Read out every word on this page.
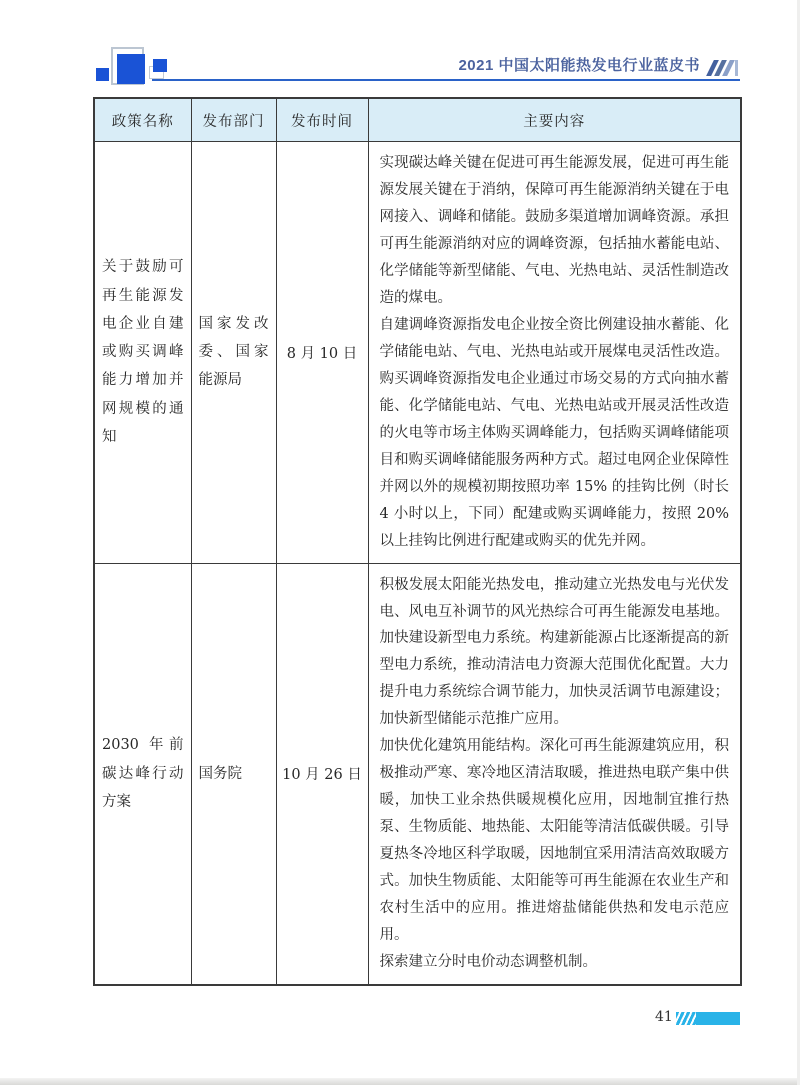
2021 中国太阳能热发电行业蓝皮书
政策名称	发布部门	发布时间	主要内容
关于鼓励可再生能源发电企业自建或购买调峰能力增加并网规模的通知	国家发改委、国家能源局	8 月 10 日	实现碳达峰关键在促进可再生能源发展，促进可再生能源发展关键在于消纳，保障可再生能源消纳关键在于电网接入、调峰和储能。鼓励多渠道增加调峰资源。承担可再生能源消纳对应的调峰资源，包括抽水蓄能电站、化学储能等新型储能、气电、光热电站、灵活性制造改造的煤电。

自建调峰资源指发电企业按全资比例建设抽水蓄能、化学储能电站、气电、光热电站或开展煤电灵活性改造。购买调峰资源指发电企业通过市场交易的方式向抽水蓄能、化学储能电站、气电、光热电站或开展灵活性改造的火电等市场主体购买调峰能力，包括购买调峰储能项目和购买调峰储能服务两种方式。超过电网企业保障性并网以外的规模初期按照功率 15% 的挂钩比例（时长 4 小时以上，下同）配建或购买调峰能力，按照 20% 以上挂钩比例进行配建或购买的优先并网。

2030 年前碳达峰行动方案	国务院	10 月 26 日	积极发展太阳能光热发电，推动建立光热发电与光伏发电、风电互补调节的风光热综合可再生能源发电基地。加快建设新型电力系统。构建新能源占比逐渐提高的新型电力系统，推动清洁电力资源大范围优化配置。大力提升电力系统综合调节能力，加快灵活调节电源建设；加快新型储能示范推广应用。

加快优化建筑用能结构。深化可再生能源建筑应用，积极推动严寒、寒冷地区清洁取暖，推进热电联产集中供暖，加快工业余热供暖规模化应用，因地制宜推行热泵、生物质能、地热能、太阳能等清洁低碳供暖。引导夏热冬冷地区科学取暖，因地制宜采用清洁高效取暖方式。加快生物质能、太阳能等可再生能源在农业生产和农村生活中的应用。推进熔盐储能供热和发电示范应用。

探索建立分时电价动态调整机制。

41
